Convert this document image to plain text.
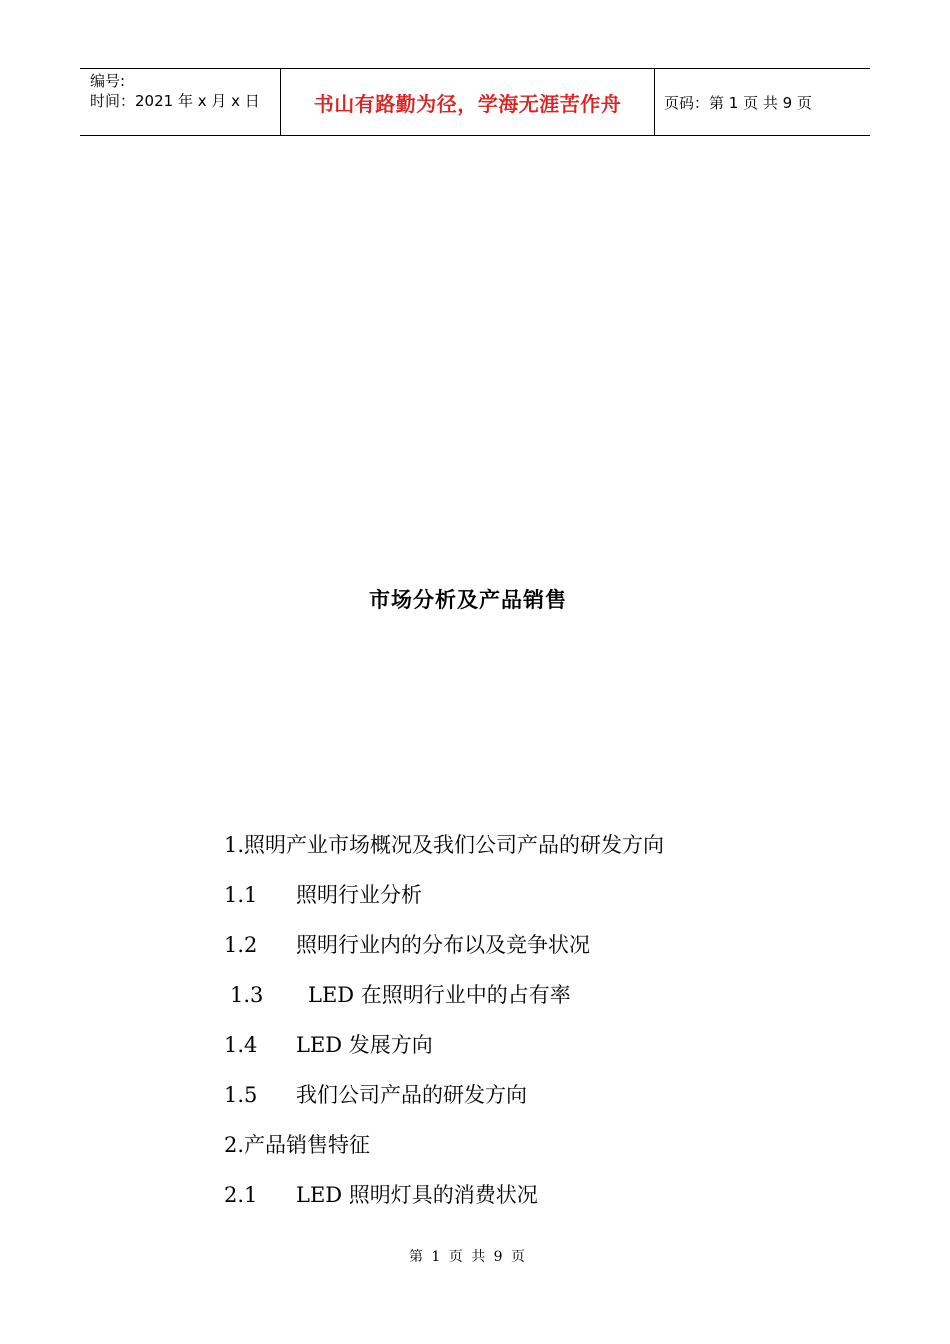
编号:
时间：2021 年 x 月 x 日	书山有路勤为径，学海无涯苦作舟	页码：第 1 页 共 9 页
市场分析及产品销售
1. 照明产业市场概况及我们公司产品的研发方向
1.1	照明行业分析
1.2	照明行业内的分布以及竞争状况
1.3	LED 在照明行业中的占有率
1.4	LED 发展方向
1.5	我们公司产品的研发方向
2. 产品销售特征
2.1	LED 照明灯具的消费状况
第 1 页 共 9 页
